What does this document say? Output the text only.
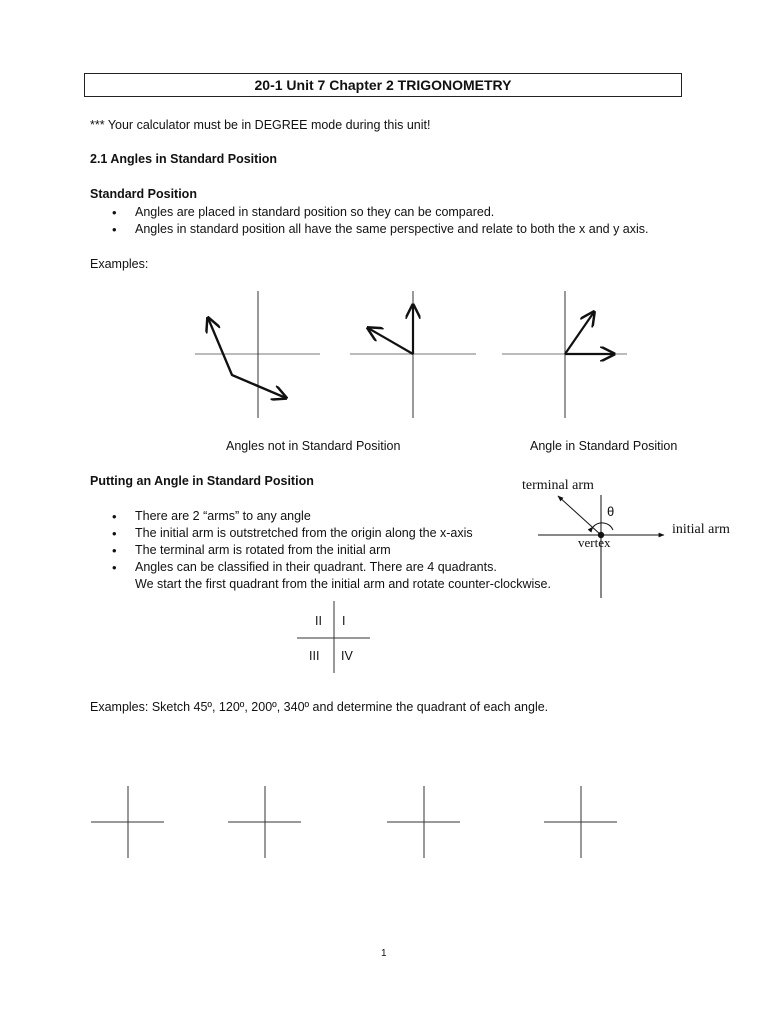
20-1 Unit 7 Chapter 2 TRIGONOMETRY
*** Your calculator must be in DEGREE mode during this unit!
2.1 Angles in Standard Position
Standard Position
• Angles are placed in standard position so they can be compared.
• Angles in standard position all have the same perspective and relate to both the x and y axis.
Examples:
Angles not in Standard Position	Angle in Standard Position
Putting an Angle in Standard Position
• There are 2 “arms” to any angle
• The initial arm is outstretched from the origin along the x-axis
• The terminal arm is rotated from the initial arm
• Angles can be classified in their quadrant. There are 4 quadrants.
We start the first quadrant from the initial arm and rotate counter-clockwise.
terminal arm
initial arm
vertex
θ
II I
III IV
Examples: Sketch 45º, 120º, 200º, 340º and determine the quadrant of each angle.
1
